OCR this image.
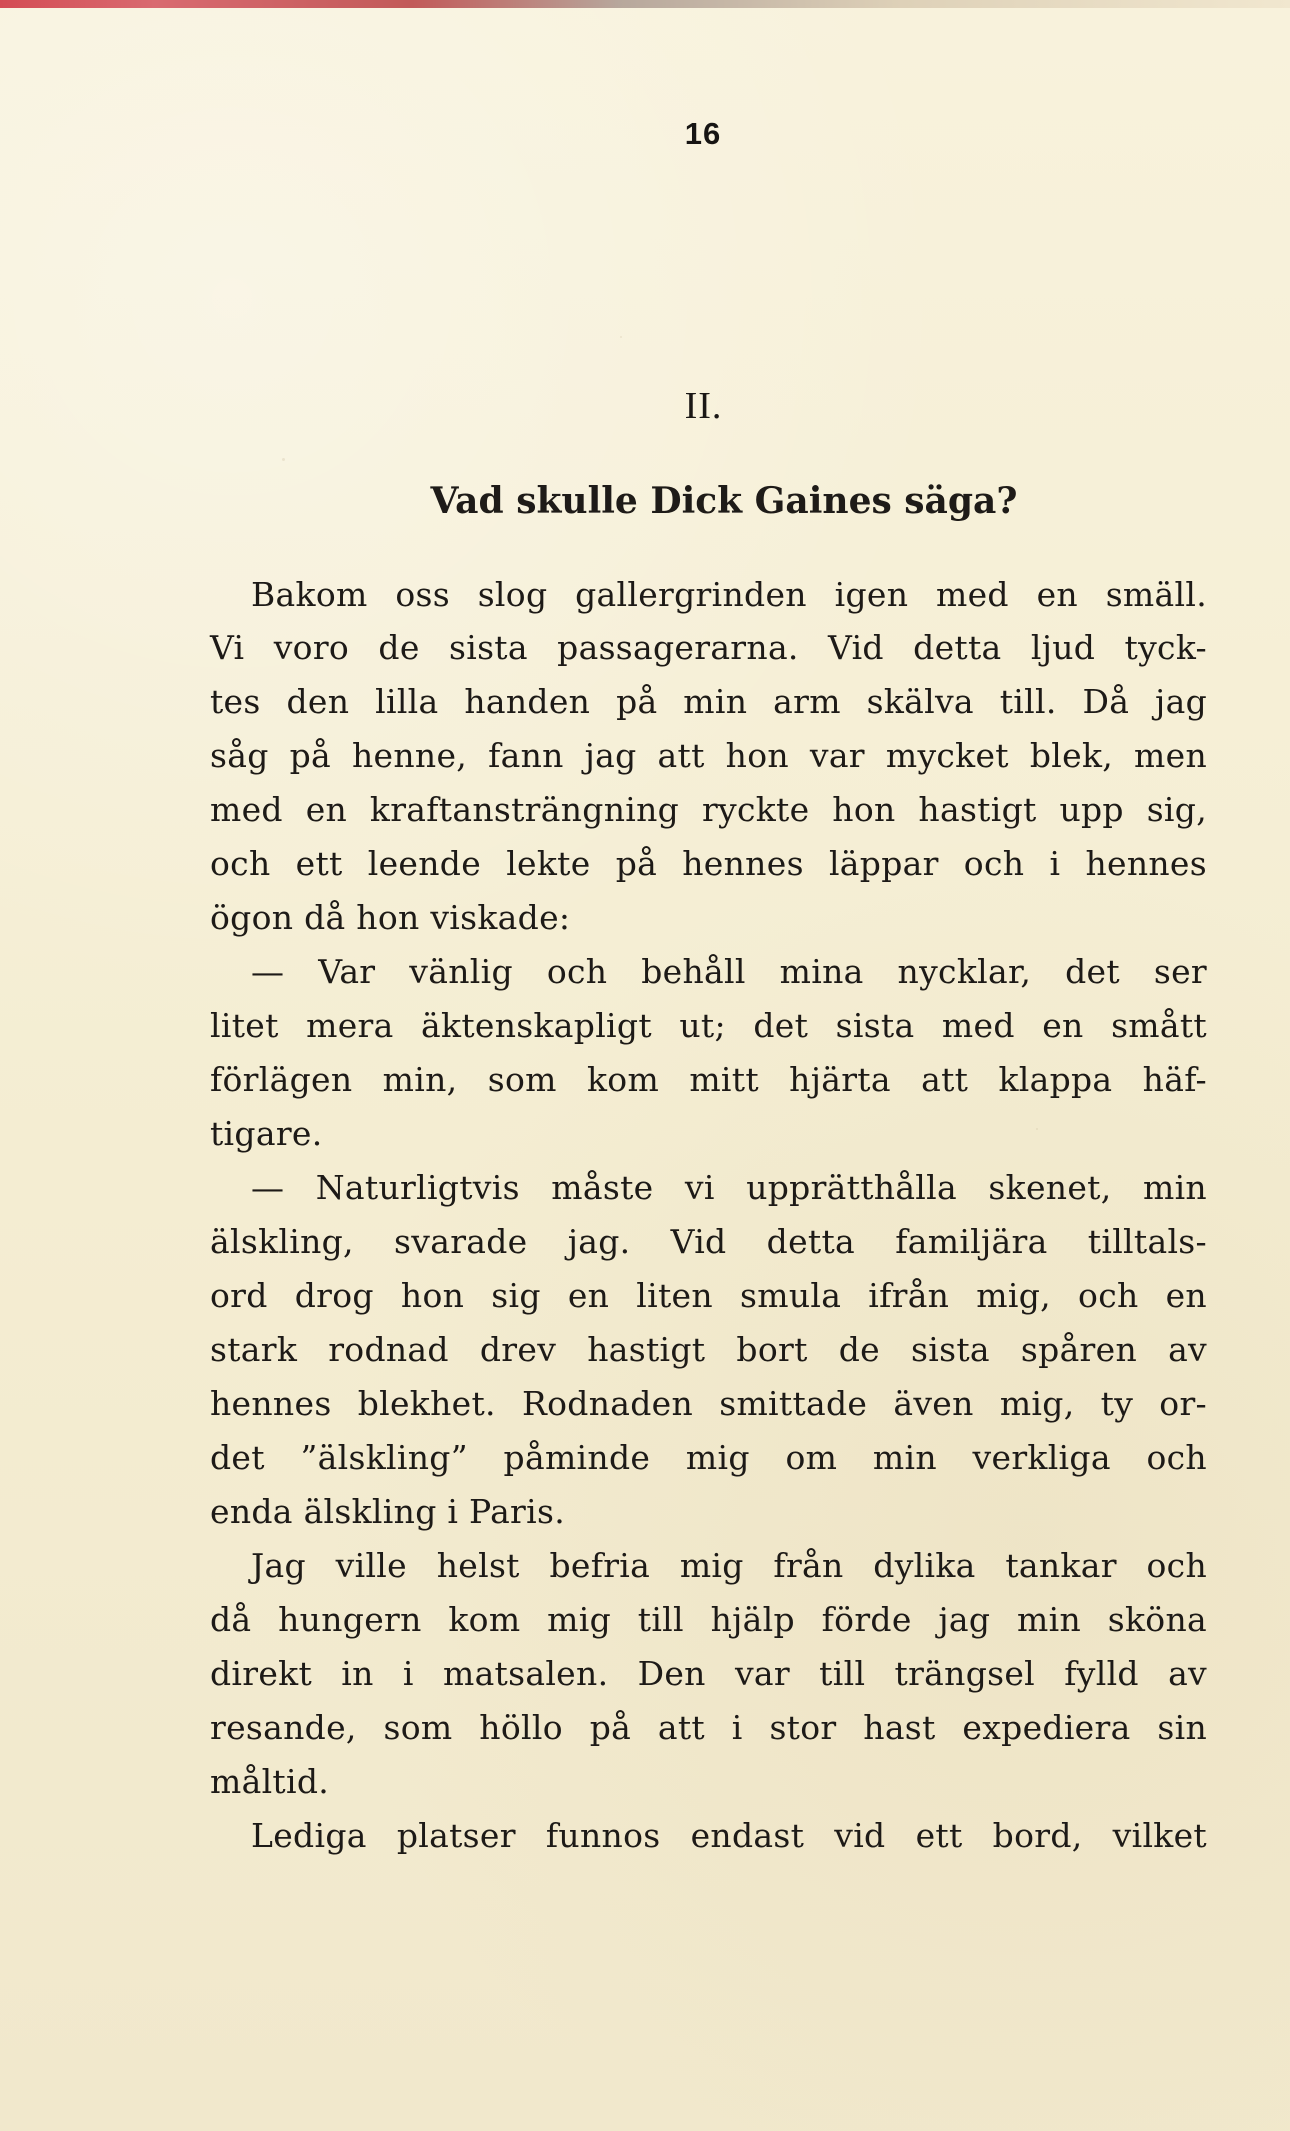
16
II.
Vad skulle Dick Gaines säga?
Bakom oss slog gallergrinden igen med en smäll.
Vi voro de sista passagerarna. Vid detta ljud tyck-
tes den lilla handen på min arm skälva till. Då jag
såg på henne, fann jag att hon var mycket blek, men
med en kraftansträngning ryckte hon hastigt upp sig,
och ett leende lekte på hennes läppar och i hennes
ögon då hon viskade:
— Var vänlig och behåll mina nycklar, det ser
litet mera äktenskapligt ut; det sista med en smått
förlägen min, som kom mitt hjärta att klappa häf-
tigare.
— Naturligtvis måste vi upprätthålla skenet, min
älskling, svarade jag. Vid detta familjära tilltals-
ord drog hon sig en liten smula ifrån mig, och en
stark rodnad drev hastigt bort de sista spåren av
hennes blekhet. Rodnaden smittade även mig, ty or-
det ”älskling” påminde mig om min verkliga och
enda älskling i Paris.
Jag ville helst befria mig från dylika tankar och
då hungern kom mig till hjälp förde jag min sköna
direkt in i matsalen. Den var till trängsel fylld av
resande, som höllo på att i stor hast expediera sin
måltid.
Lediga platser funnos endast vid ett bord, vilket
